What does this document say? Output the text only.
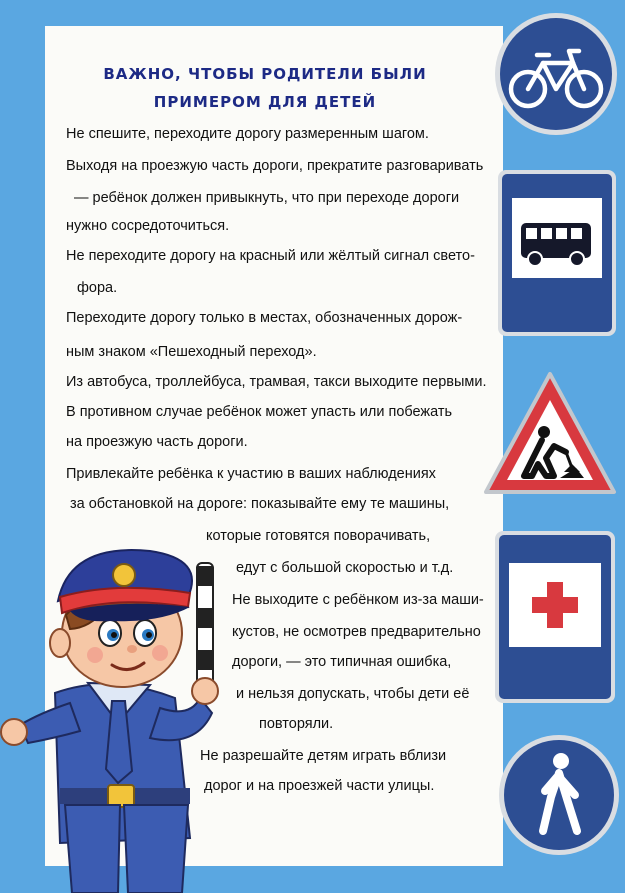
ВАЖНО, ЧТОБЫ РОДИТЕЛИ БЫЛИ
ПРИМЕРОМ ДЛЯ ДЕТЕЙ
Не спешите, переходите дорогу размеренным шагом.
Выходя на проезжую часть дороги, прекратите разговаривать
— ребёнок должен привыкнуть, что при переходе дороги
нужно сосредоточиться.
Не переходите дорогу на красный или жёлтый сигнал свето-
фора.
Переходите дорогу только в местах, обозначенных дорож-
ным знаком «Пешеходный переход».
Из автобуса, троллейбуса, трамвая, такси выходите первыми.
В противном случае ребёнок может упасть или побежать
на проезжую часть дороги.
Привлекайте ребёнка к участию в ваших наблюдениях
за обстановкой на дороге: показывайте ему те машины,
которые готовятся поворачивать,
едут с большой скоростью и т.д.
Не выходите с ребёнком из-за маши-
кустов, не осмотрев предварительно
дороги, — это типичная ошибка,
и нельзя допускать, чтобы дети её
повторяли.
Не разрешайте детям играть вблизи
дорог и на проезжей части улицы.
